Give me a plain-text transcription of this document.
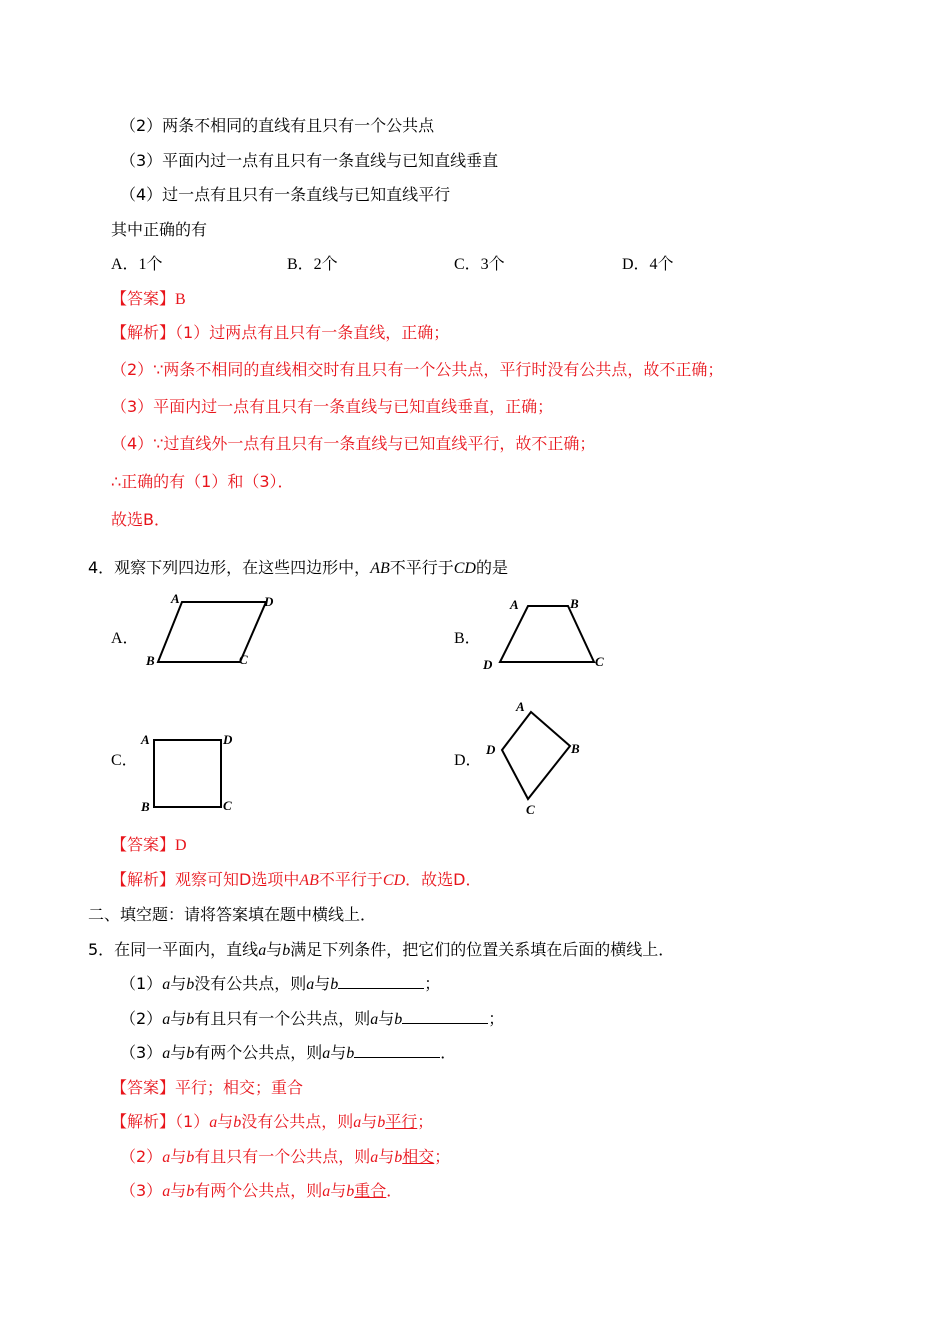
（2）两条不相同的直线有且只有一个公共点
（3）平面内过一点有且只有一条直线与已知直线垂直
（4）过一点有且只有一条直线与已知直线平行
其中正确的有
A．1个	B．2个	C．3个	D．4个
【答案】B
【解析】（1）过两点有且只有一条直线，正确；
（2）∵两条不相同的直线相交时有且只有一个公共点，平行时没有公共点，故不正确；
（3）平面内过一点有且只有一条直线与已知直线垂直，正确；
（4）∵过直线外一点有且只有一条直线与已知直线平行，故不正确；
∴正确的有（1）和（3）．
故选B．
4．观察下列四边形，在这些四边形中，AB不平行于CD的是
A．	B．
C．	D．
A	D
B	C
A	B
D	C
A	D
B	C
A
B
D
C
【答案】D
【解析】观察可知D选项中AB不平行于CD．故选D．
二、填空题：请将答案填在题中横线上．
5．在同一平面内，直线a与b满足下列条件，把它们的位置关系填在后面的横线上．
（1）a与b没有公共点，则a与b	；
（2）a与b有且只有一个公共点，则a与b	；
（3）a与b有两个公共点，则a与b	．
【答案】平行；相交；重合
【解析】（1）a与b没有公共点，则a与b平行；
（2）a与b有且只有一个公共点，则a与b相交；
（3）a与b有两个公共点，则a与b重合．
